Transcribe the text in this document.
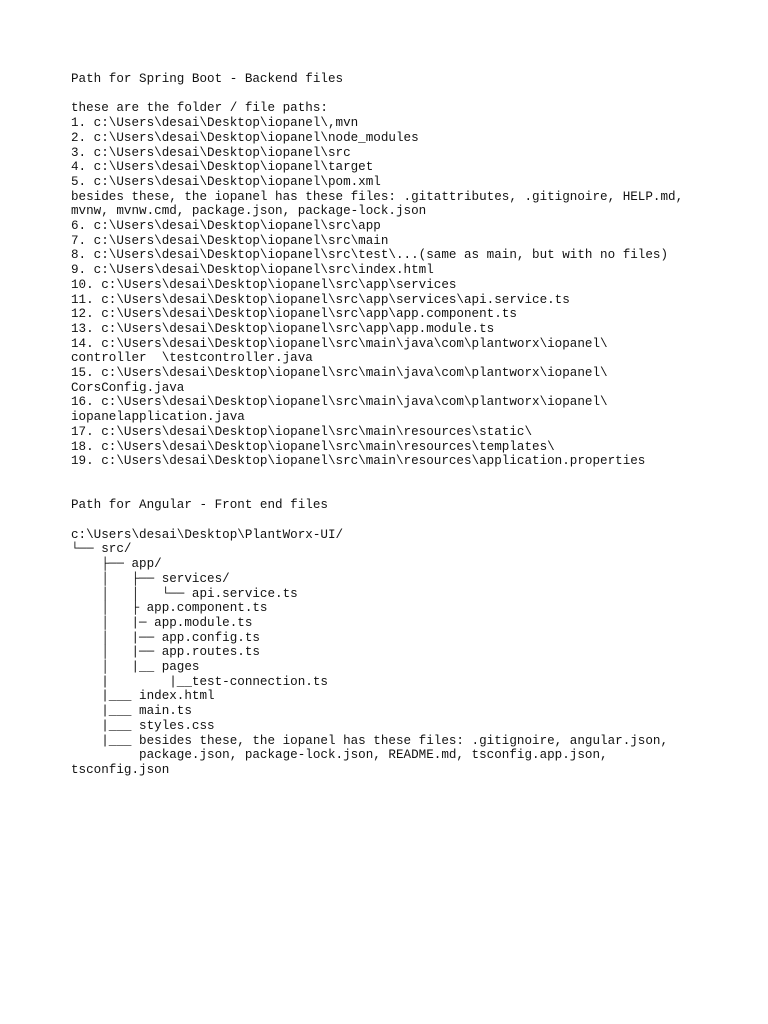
Path for Spring Boot - Backend files
these are the folder / file paths:
1. c:\Users\desai\Desktop\iopanel\,mvn
2. c:\Users\desai\Desktop\iopanel\node_modules
3. c:\Users\desai\Desktop\iopanel\src
4. c:\Users\desai\Desktop\iopanel\target
5. c:\Users\desai\Desktop\iopanel\pom.xml
besides these, the iopanel has these files: .gitattributes, .gitignoire, HELP.md,
mvnw, mvnw.cmd, package.json, package-lock.json
6. c:\Users\desai\Desktop\iopanel\src\app
7. c:\Users\desai\Desktop\iopanel\src\main
8. c:\Users\desai\Desktop\iopanel\src\test\...(same as main, but with no files)
9. c:\Users\desai\Desktop\iopanel\src\index.html
10. c:\Users\desai\Desktop\iopanel\src\app\services
11. c:\Users\desai\Desktop\iopanel\src\app\services\api.service.ts
12. c:\Users\desai\Desktop\iopanel\src\app\app.component.ts
13. c:\Users\desai\Desktop\iopanel\src\app\app.module.ts
14. c:\Users\desai\Desktop\iopanel\src\main\java\com\plantworx\iopanel\
controller  \testcontroller.java
15. c:\Users\desai\Desktop\iopanel\src\main\java\com\plantworx\iopanel\
CorsConfig.java
16. c:\Users\desai\Desktop\iopanel\src\main\java\com\plantworx\iopanel\
iopanelapplication.java
17. c:\Users\desai\Desktop\iopanel\src\main\resources\static\
18. c:\Users\desai\Desktop\iopanel\src\main\resources\templates\
19. c:\Users\desai\Desktop\iopanel\src\main\resources\application.properties
Path for Angular - Front end files
c:\Users\desai\Desktop\PlantWorx-UI/
└── src/
├── app/
│   ├── services/
│   │   └── api.service.ts
│   ├ app.component.ts
│   |─ app.module.ts
│   |── app.config.ts
│   |── app.routes.ts
│   |__ pages
|        |__test-connection.ts
|___ index.html
|___ main.ts
|___ styles.css
|___ besides these, the iopanel has these files: .gitignoire, angular.json,
package.json, package-lock.json, README.md, tsconfig.app.json,
tsconfig.json
